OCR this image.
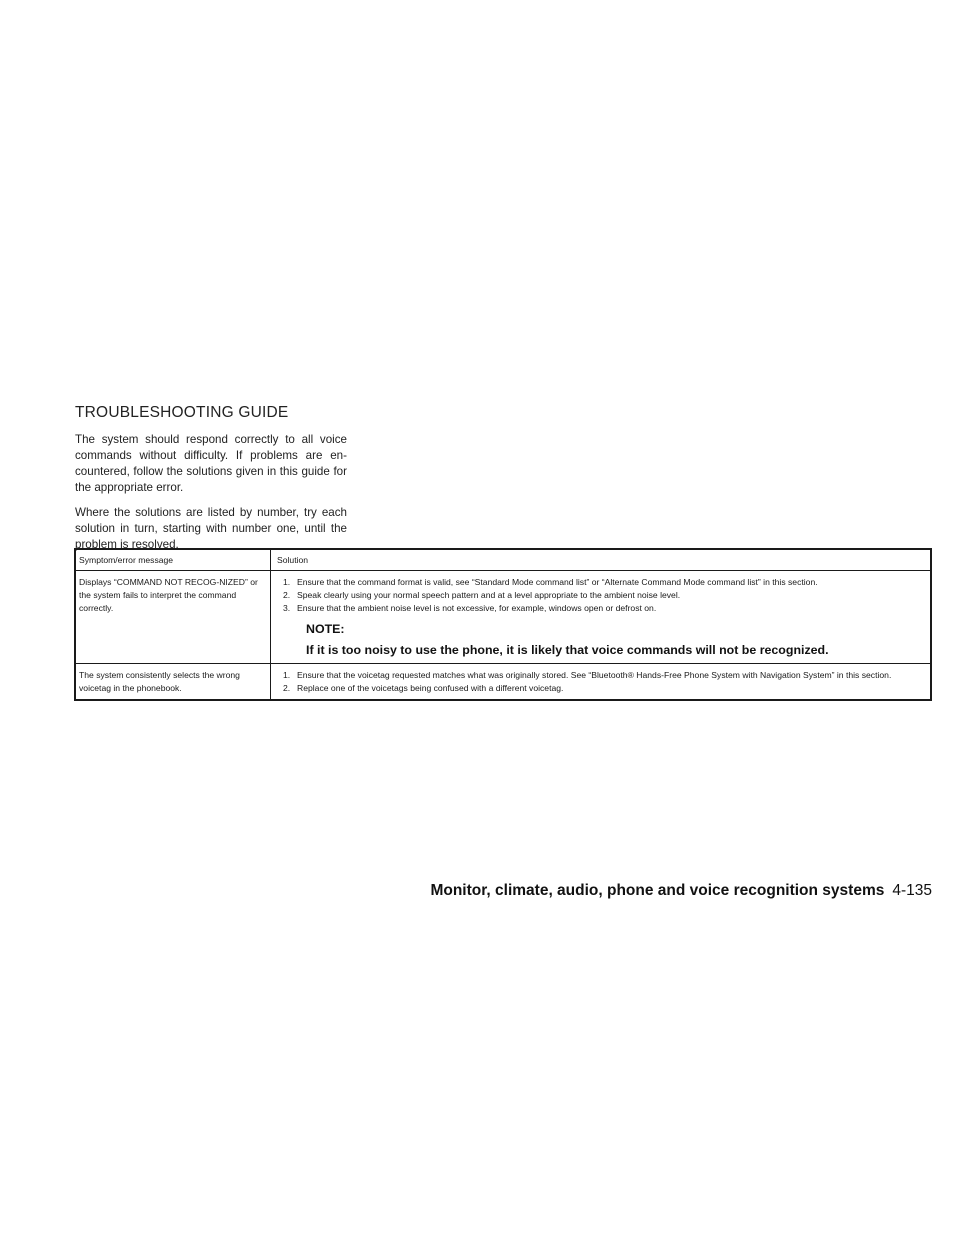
TROUBLESHOOTING GUIDE

The system should respond correctly to all voice commands without difficulty. If problems are en-countered, follow the solutions given in this guide for the appropriate error.

Where the solutions are listed by number, try each solution in turn, starting with number one, until the problem is resolved.

Symptom/error message	Solution
Displays “COMMAND NOT RECOG-NIZED” or the system fails to interpret the command correctly.
1. Ensure that the command format is valid, see “Standard Mode command list” or “Alternate Command Mode command list” in this section.
2. Speak clearly using your normal speech pattern and at a level appropriate to the ambient noise level.
3. Ensure that the ambient noise level is not excessive, for example, windows open or defrost on.
NOTE:
If it is too noisy to use the phone, it is likely that voice commands will not be recognized.
The system consistently selects the wrong voicetag in the phonebook.
1. Ensure that the voicetag requested matches what was originally stored. See “Bluetooth® Hands-Free Phone System with Navigation System” in this section.
2. Replace one of the voicetags being confused with a different voicetag.
Monitor, climate, audio, phone and voice recognition systems 4-135
